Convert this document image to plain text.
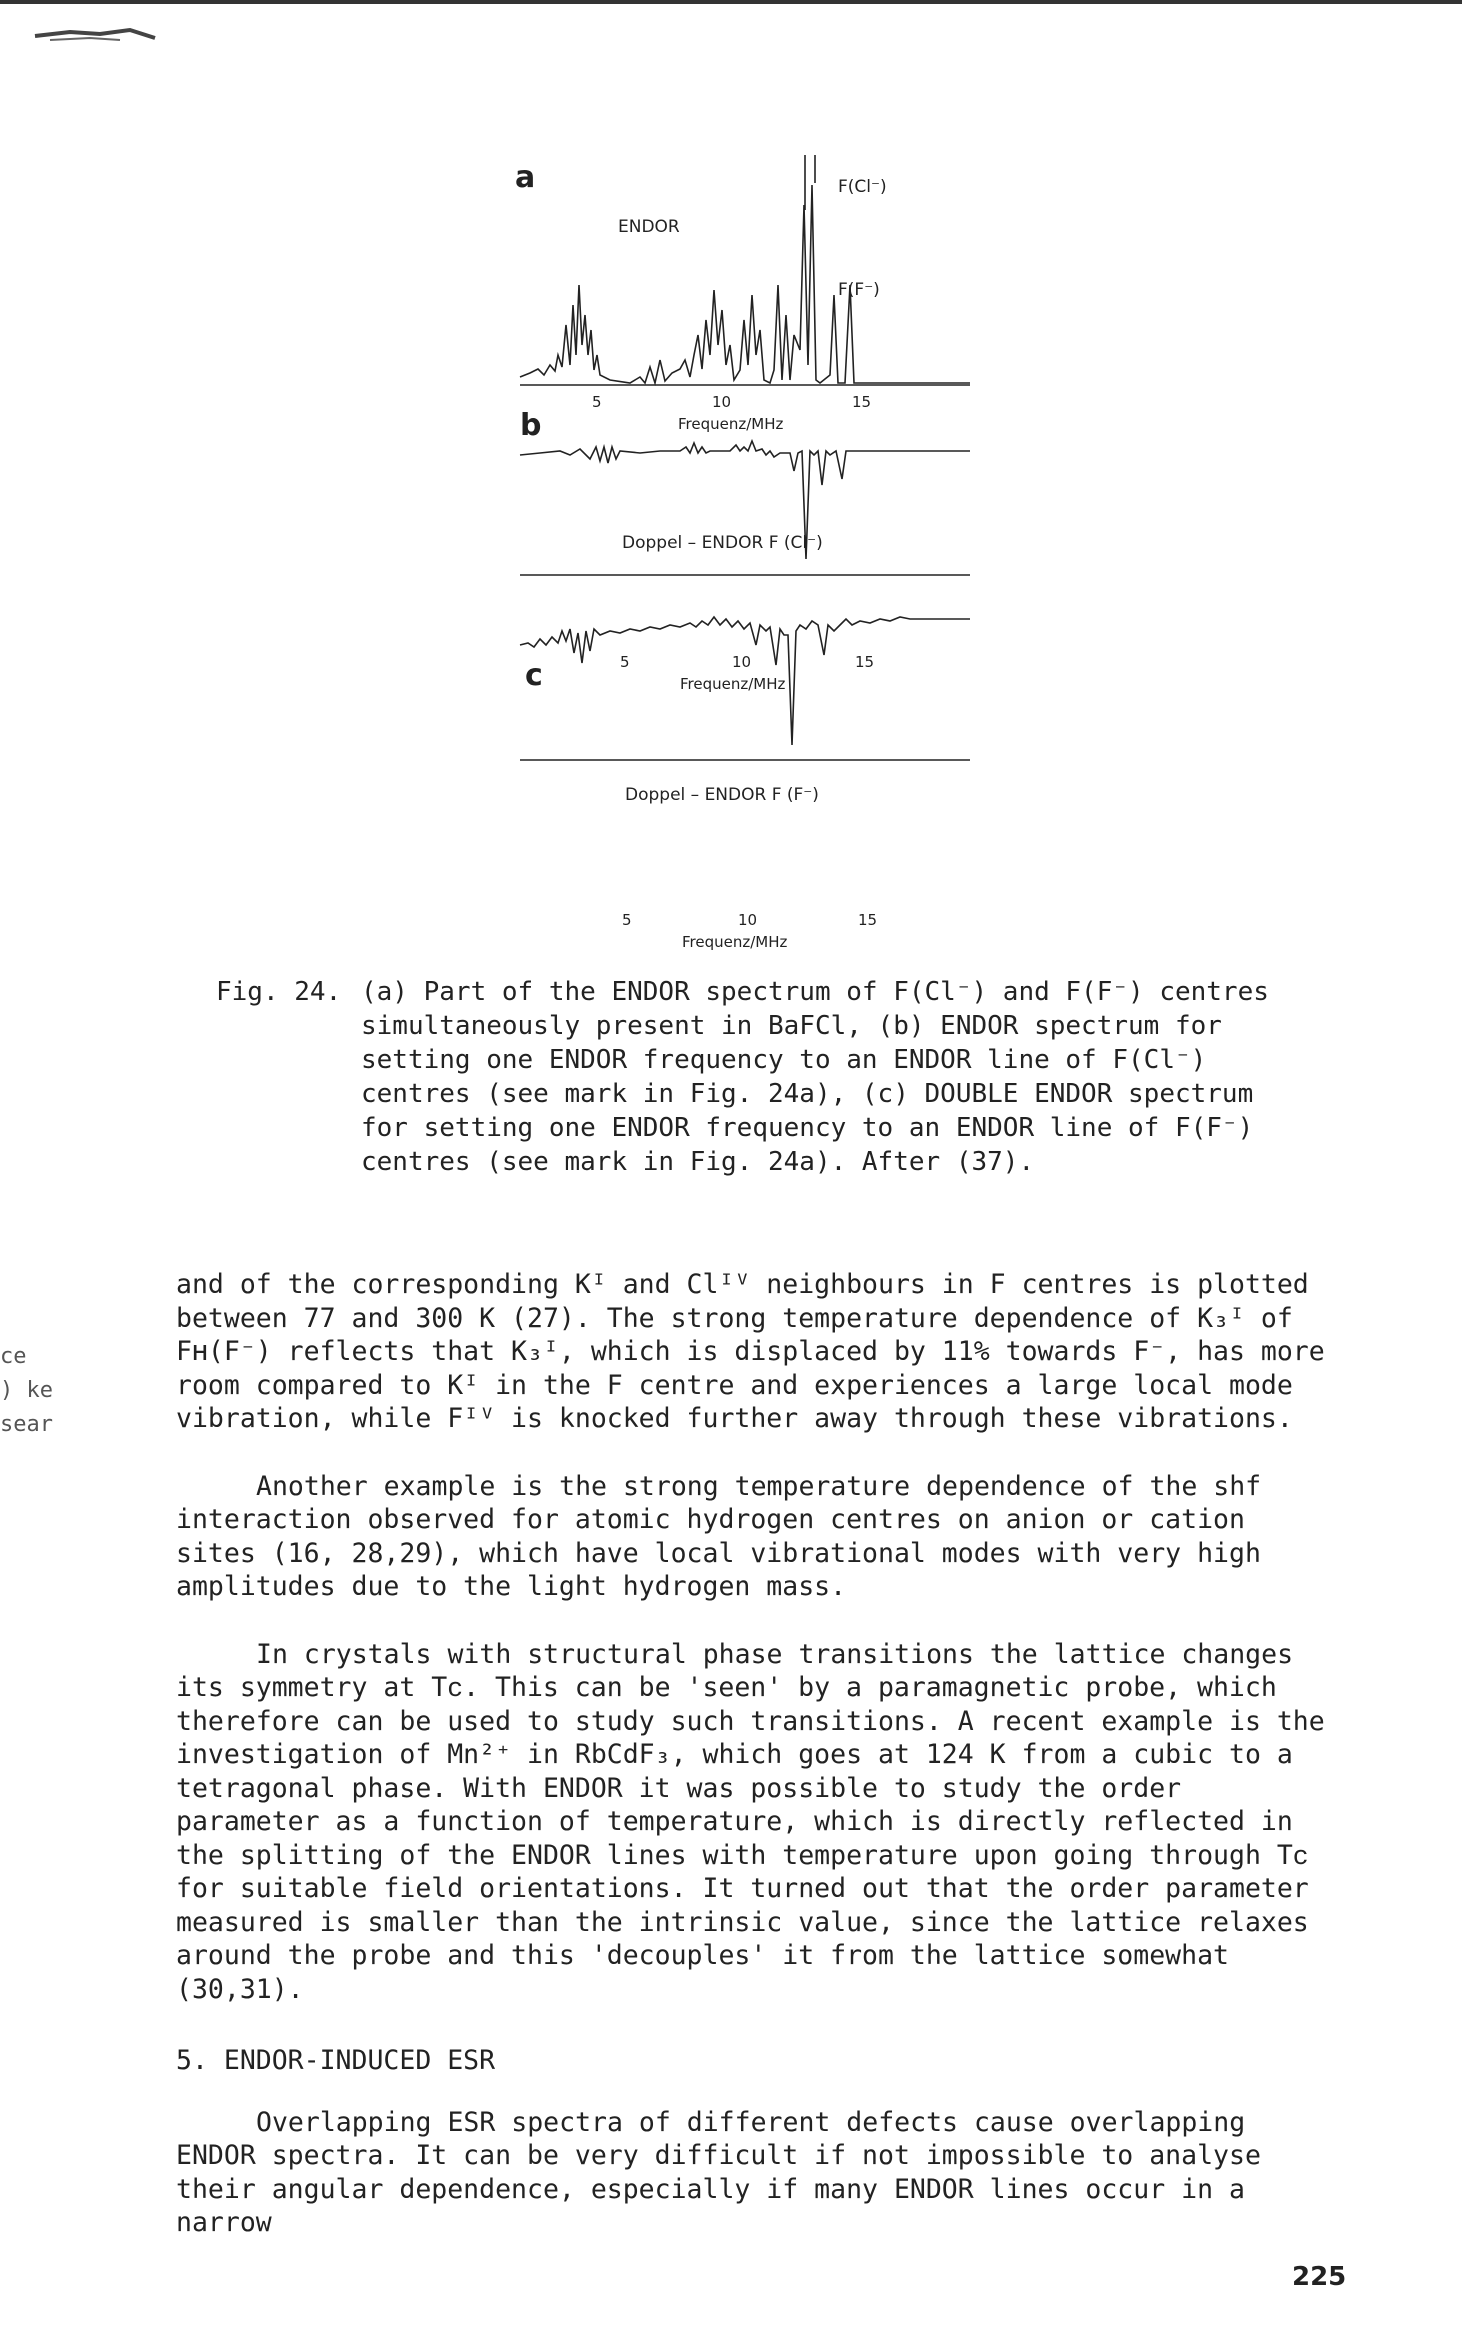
ce
) ke
sear
a
ENDOR
F(Cl⁻)
F(F⁻)
5	10	15
Frequenz/MHz
b
Doppel – ENDOR F (Cl⁻)
5	10	15
Frequenz/MHz
c
Doppel – ENDOR F (F⁻)
5	10	15
Frequenz/MHz
Fig. 24. (a) Part of the ENDOR spectrum of F(Cl⁻) and F(F⁻) centres simultaneously present in BaFCl, (b) ENDOR spectrum for setting one ENDOR frequency to an ENDOR line of F(Cl⁻) centres (see mark in Fig. 24a), (c) DOUBLE ENDOR spectrum for setting one ENDOR frequency to an ENDOR line of F(F⁻) centres (see mark in Fig. 24a). After (37).

and of the corresponding Kᴵ and Clᴵⱽ neighbours in F centres is plotted between 77 and 300 K (27). The strong temperature dependence of K₃ᴵ of Fʜ(F⁻) reflects that K₃ᴵ, which is displaced by 11% towards F⁻, has more room compared to Kᴵ in the F centre and experiences a large local mode vibration, while Fᴵⱽ is knocked further away through these vibrations.

Another example is the strong temperature dependence of the shf interaction observed for atomic hydrogen centres on anion or cation sites (16, 28,29), which have local vibrational modes with very high amplitudes due to the light hydrogen mass.

In crystals with structural phase transitions the lattice changes its symmetry at Tᴄ. This can be 'seen' by a paramagnetic probe, which therefore can be used to study such transitions. A recent example is the investigation of Mn²⁺ in RbCdF₃, which goes at 124 K from a cubic to a tetragonal phase. With ENDOR it was possible to study the order parameter as a function of temperature, which is directly reflected in the splitting of the ENDOR lines with temperature upon going through Tᴄ for suitable field orientations. It turned out that the order parameter measured is smaller than the intrinsic value, since the lattice relaxes around the probe and this 'decouples' it from the lattice somewhat (30,31).

5. ENDOR-INDUCED ESR

Overlapping ESR spectra of different defects cause overlapping ENDOR spectra. It can be very difficult if not impossible to analyse their angular dependence, especially if many ENDOR lines occur in a narrow

225
